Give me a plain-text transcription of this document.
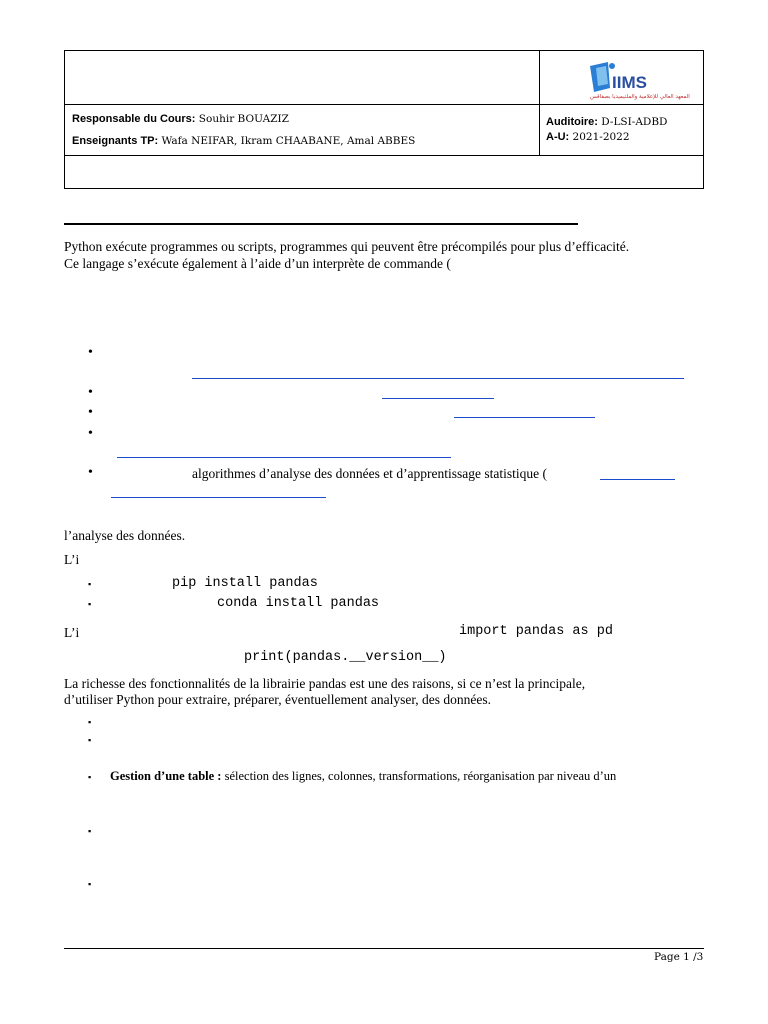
IIMS
المعهد العالي للإعلامية والملتيميديا بصفاقس
Responsable du Cours: Souhir BOUAZIZ
Enseignants TP: Wafa NEIFAR, Ikram CHAABANE, Amal ABBES
Auditoire: D-LSI-ADBD
A-U: 2021-2022
Python exécute programmes ou scripts, programmes qui peuvent être précompilés pour plus d’efficacité.
Ce langage s’exécute également à l’aide d’un interprète de commande (
•
•
•
•
•	algorithmes d’analyse des données et d’apprentissage statistique (
l’analyse des données.
L’i
▪	pip install pandas
▪	conda install pandas
L’i	import pandas as pd
print(pandas.__version__)
La richesse des fonctionnalités de la librairie pandas est une des raisons, si ce n’est la principale,
d’utiliser Python pour extraire, préparer, éventuellement analyser, des données.
▪
▪
▪ Gestion d’une table : sélection des lignes, colonnes, transformations, réorganisation par niveau d’un
▪
▪
Page 1 /3
